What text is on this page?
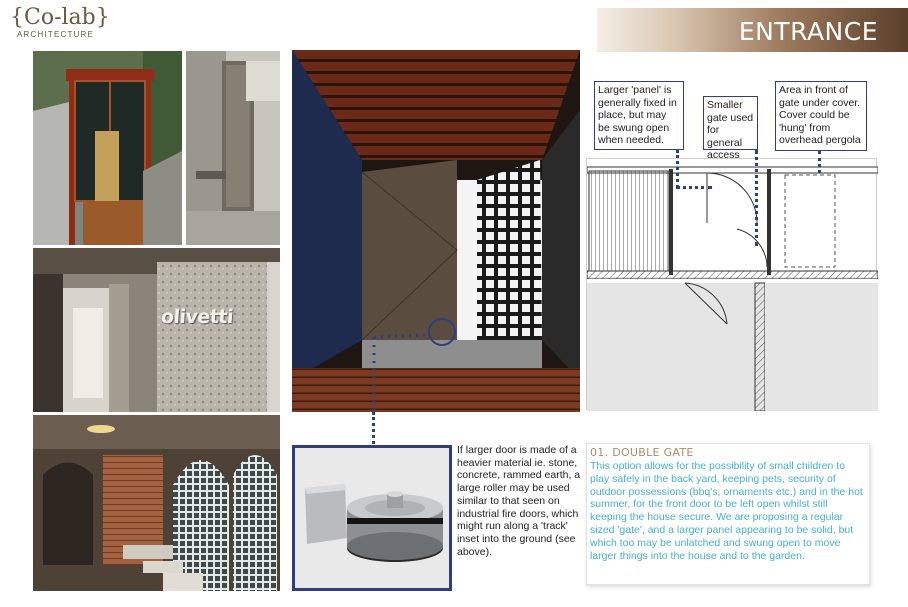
{Co-lab}
ARCHITECTURE	ENTRANCE
olivetti
If larger door is made of a heavier material ie. stone, concrete, rammed earth, a large roller may be used similar to that seen on industrial fire doors, which might run along a 'track' inset into the ground (see above).
Larger 'panel' is generally fixed in place, but may be swung open when needed.
Smaller gate used for general access
Area in front of gate under cover. Cover could be 'hung' from overhead pergola
01. DOUBLE GATE
This option allows for the possibility of small children to play safely in the back yard, keeping pets, security of outdoor possessions (bbq's, ornaments etc.) and in the hot summer, for the front door to be left open whilst still keeping the house secure. We are proposing a regular sized 'gate', and a larger panel appearing to be solid, but which too may be unlatched and swung open to move larger things into the house and to the garden.
